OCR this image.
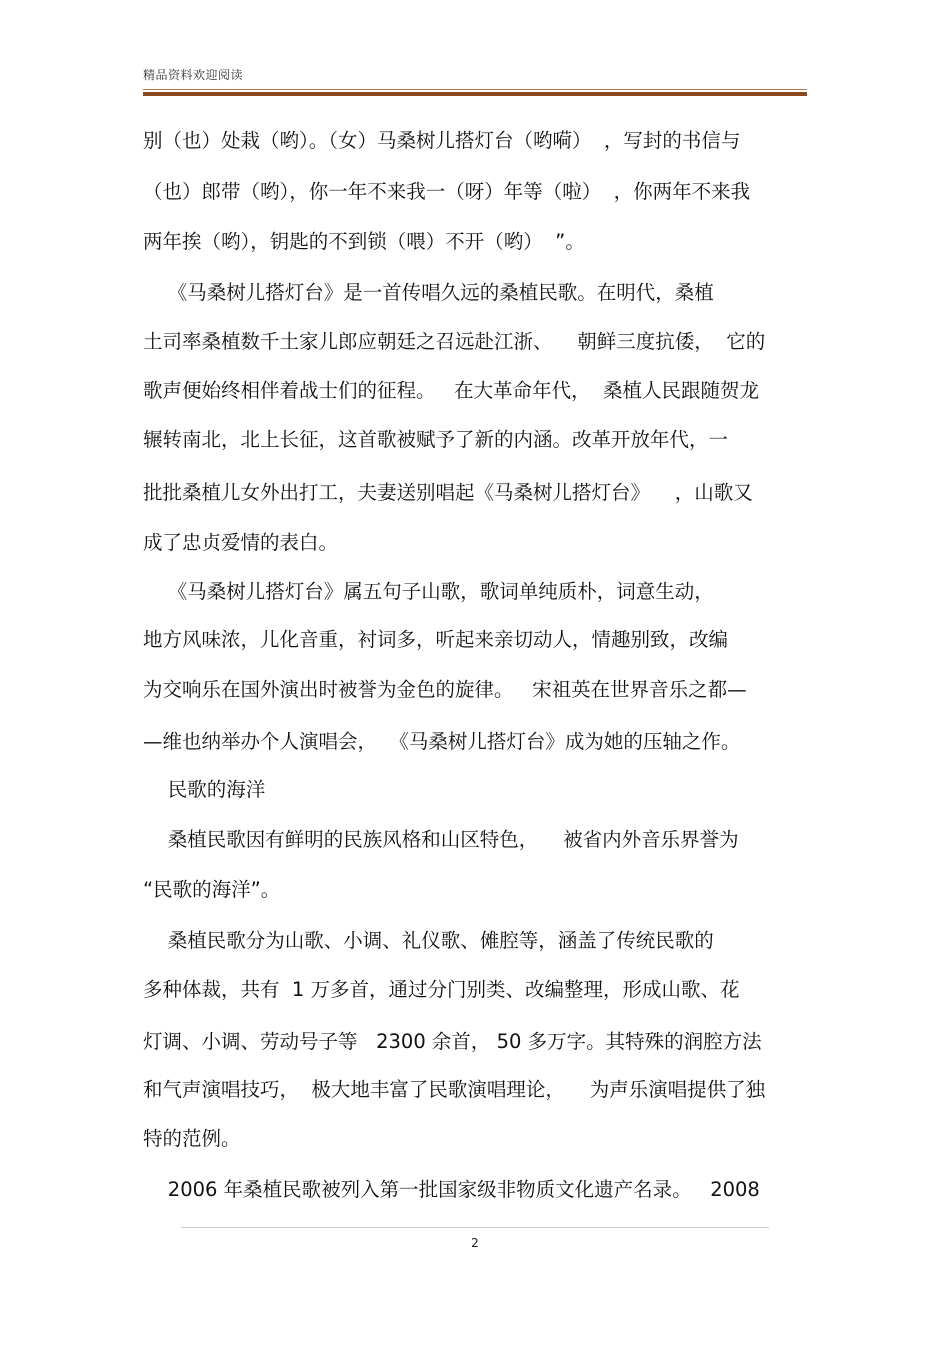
精品资料欢迎阅读
别（也）处栽（哟）。（女）马桑树儿搭灯台（哟嗬）  ，写封的书信与
（也）郎带（哟），你一年不来我一（呀）年等（啦）  ，你两年不来我
两年挨（哟），钥匙的不到锁（喂）不开（哟）  ”。
《马桑树儿搭灯台》是一首传唱久远的桑植民歌。在明代，桑植
土司率桑植数千土家儿郎应朝廷之召远赴江浙、    朝鲜三度抗倭，  它的
歌声便始终相伴着战士们的征程。   在大革命年代，  桑植人民跟随贺龙
辗转南北，北上长征，这首歌被赋予了新的内涵。改革开放年代，一
批批桑植儿女外出打工，夫妻送别唱起《马桑树儿搭灯台》    ，山歌又
成了忠贞爱情的表白。
《马桑树儿搭灯台》属五句子山歌，歌词单纯质朴，词意生动，
地方风味浓，儿化音重，衬词多，听起来亲切动人，情趣别致，改编
为交响乐在国外演出时被誉为金色的旋律。   宋祖英在世界音乐之都—
—维也纳举办个人演唱会，  《马桑树儿搭灯台》成为她的压轴之作。
民歌的海洋
桑植民歌因有鲜明的民族风格和山区特色，    被省内外音乐界誉为
“民歌的海洋”。
桑植民歌分为山歌、小调、礼仪歌、傩腔等，涵盖了传统民歌的
多种体裁，共有  1 万多首，通过分门别类、改编整理，形成山歌、花
灯调、小调、劳动号子等   2300 余首， 50 多万字。其特殊的润腔方法
和气声演唱技巧，  极大地丰富了民歌演唱理论，    为声乐演唱提供了独
特的范例。
2006 年桑植民歌被列入第一批国家级非物质文化遗产名录。   2008
2
